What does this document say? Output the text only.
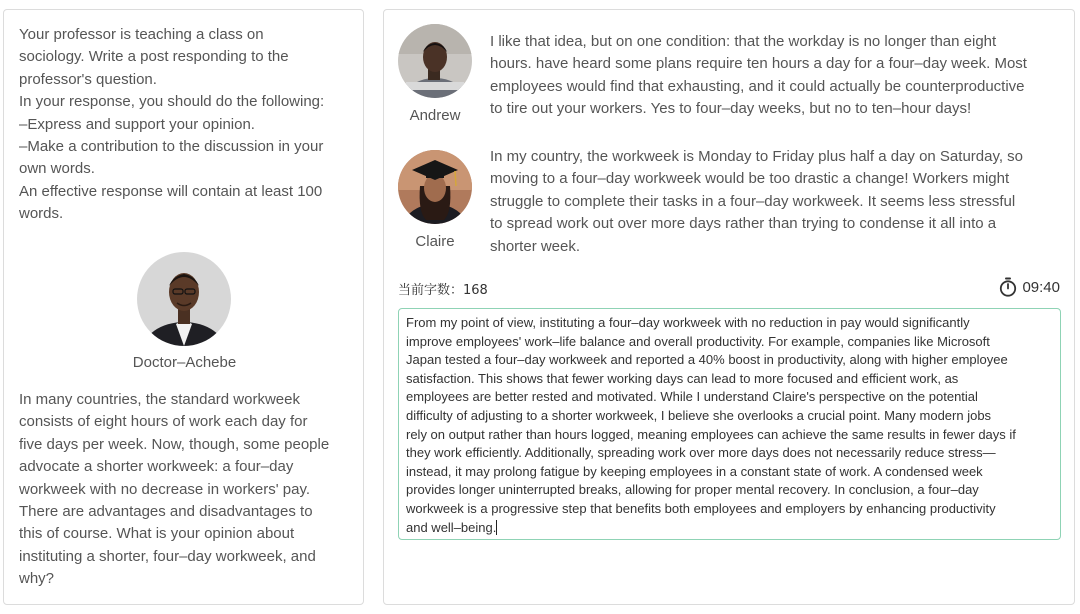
Your professor is teaching a class on
sociology. Write a post responding to the
professor's question.
In your response, you should do the following:
–Express and support your opinion.
–Make a contribution to the discussion in your
own words.
An effective response will contain at least 100
words.
Doctor–Achebe
In many countries, the standard workweek
consists of eight hours of work each day for
five days per week. Now, though, some people
advocate a shorter workweek: a four–day
workweek with no decrease in workers' pay.
There are advantages and disadvantages to
this of course. What is your opinion about
instituting a shorter, four–day workweek, and
why?
Andrew
I like that idea, but on one condition: that the workday is no longer than eight
hours. have heard some plans require ten hours a day for a four–day week. Most
employees would find that exhausting, and it could actually be counterproductive
to tire out your workers. Yes to four–day weeks, but no to ten–hour days!
Claire
In my country, the workweek is Monday to Friday plus half a day on Saturday, so
moving to a four–day workweek would be too drastic a change! Workers might
struggle to complete their tasks in a four–day workweek. It seems less stressful
to spread work out over more days rather than trying to condense it all into a
shorter week.
当前字数：168	09:40
From my point of view, instituting a four–day workweek with no reduction in pay would significantly
improve employees' work–life balance and overall productivity. For example, companies like Microsoft
Japan tested a four–day workweek and reported a 40% boost in productivity, along with higher employee
satisfaction. This shows that fewer working days can lead to more focused and efficient work, as
employees are better rested and motivated. While I understand Claire's perspective on the potential
difficulty of adjusting to a shorter workweek, I believe she overlooks a crucial point. Many modern jobs
rely on output rather than hours logged, meaning employees can achieve the same results in fewer days if
they work efficiently. Additionally, spreading work over more days does not necessarily reduce stress—
instead, it may prolong fatigue by keeping employees in a constant state of work. A condensed week
provides longer uninterrupted breaks, allowing for proper mental recovery. In conclusion, a four–day
workweek is a progressive step that benefits both employees and employers by enhancing productivity
and well–being.
